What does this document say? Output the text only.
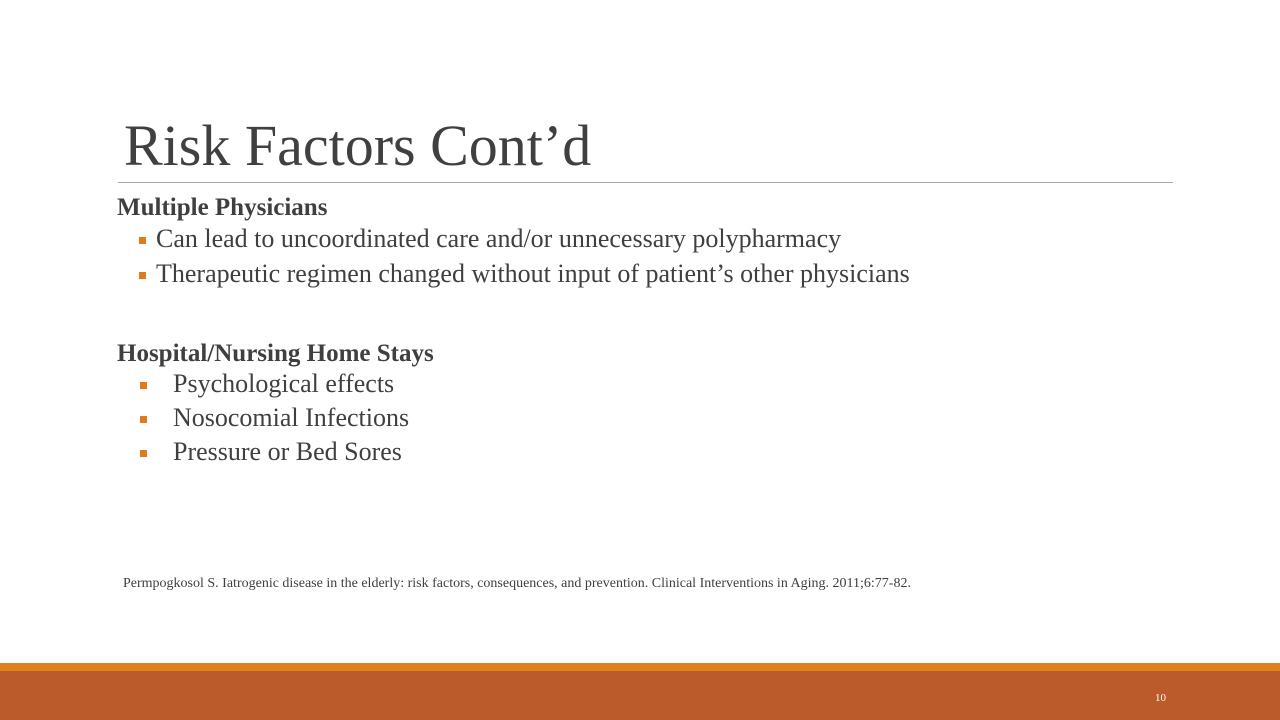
Risk Factors Cont’d
Multiple Physicians
Can lead to uncoordinated care and/or unnecessary polypharmacy
Therapeutic regimen changed without input of patient’s other physicians
Hospital/Nursing Home Stays
Psychological effects
Nosocomial Infections
Pressure or Bed Sores
Permpogkosol S. Iatrogenic disease in the elderly: risk factors, consequences, and prevention. Clinical Interventions in Aging. 2011;6:77-82.
10
